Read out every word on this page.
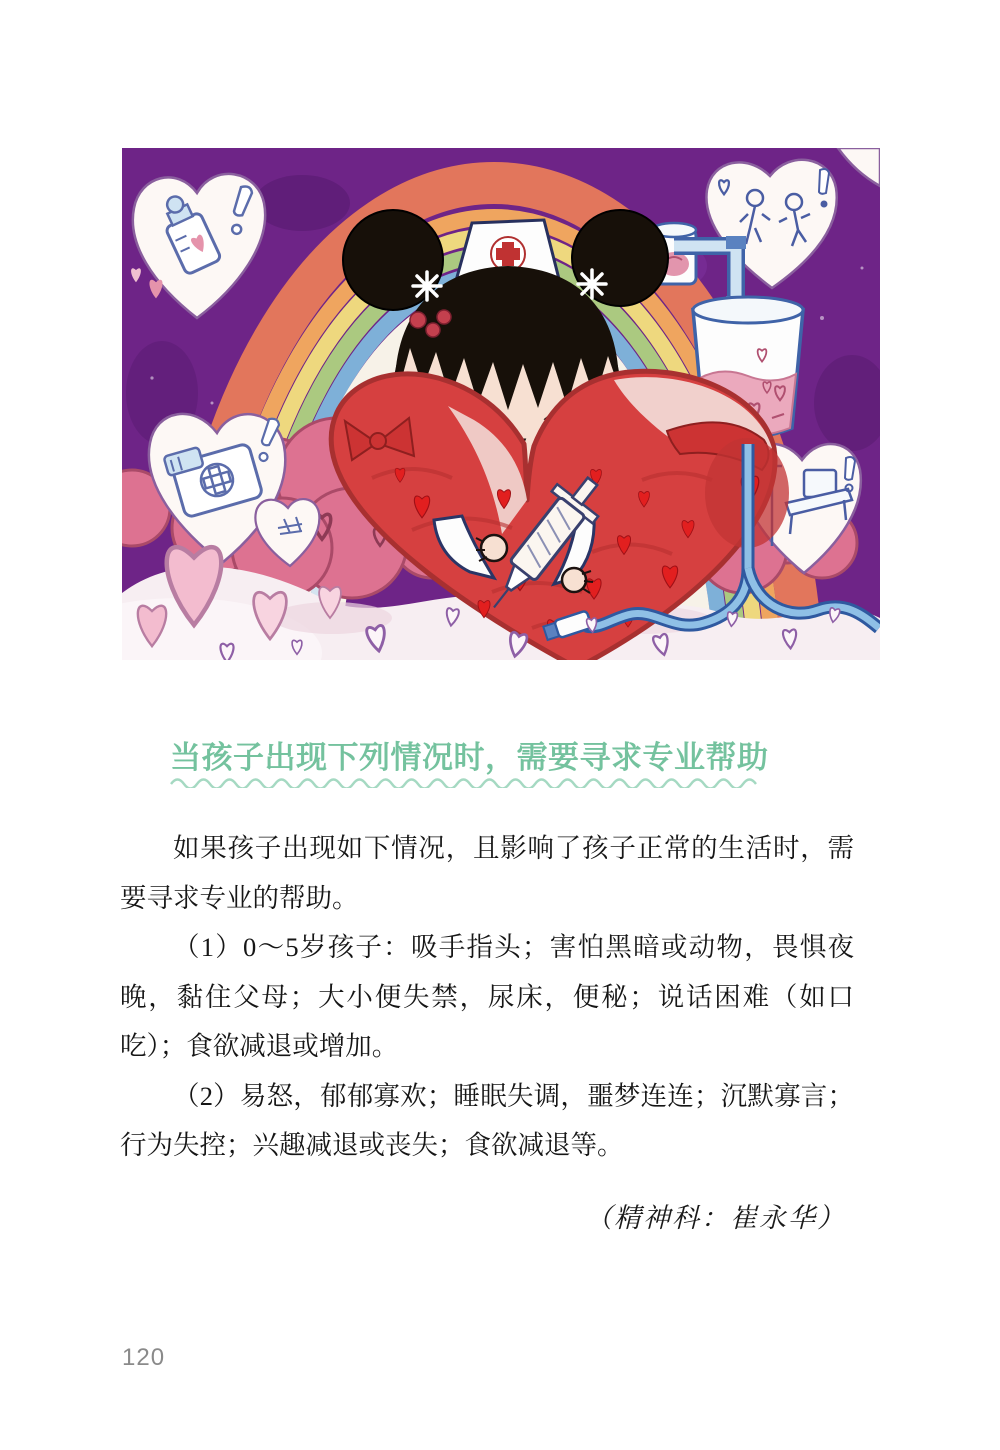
当孩子出现下列情况时，需要寻求专业帮助

如果孩子出现如下情况，且影响了孩子正常的生活时，需要寻求专业的帮助。

（1）0～5岁孩子：吸手指头；害怕黑暗或动物，畏惧夜晚，黏住父母；大小便失禁，尿床，便秘；说话困难（如口吃）；食欲减退或增加。

（2）易怒，郁郁寡欢；睡眠失调，噩梦连连；沉默寡言；行为失控；兴趣减退或丧失；食欲减退等。

（精神科：崔永华）
120
